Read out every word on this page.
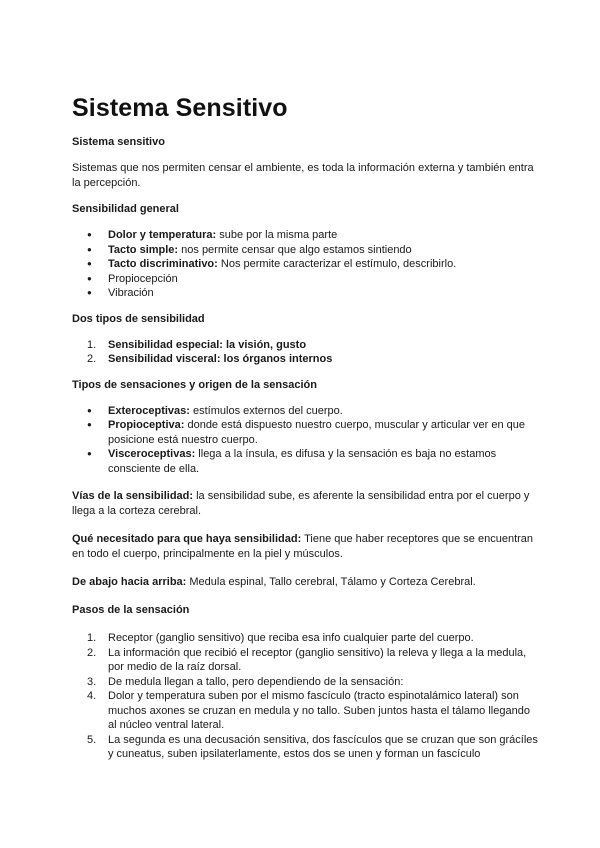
Sistema Sensitivo
Sistema sensitivo

Sistemas que nos permiten censar el ambiente, es toda la información externa y también entra la percepción.

Sensibilidad general
● Dolor y temperatura: sube por la misma parte
● Tacto simple: nos permite censar que algo estamos sintiendo
● Tacto discriminativo: Nos permite caracterizar el estímulo, describirlo.
● Propiocepción
● Vibración
Dos tipos de sensibilidad
1. Sensibilidad especial: la visión, gusto
2. Sensibilidad visceral: los órganos internos
Tipos de sensaciones y origen de la sensación
● Exteroceptivas: estímulos externos del cuerpo.
● Propioceptiva: donde está dispuesto nuestro cuerpo, muscular y articular ver en que posicione está nuestro cuerpo.
● Visceroceptivas: llega a la ínsula, es difusa y la sensación es baja no estamos consciente de ella.

Vías de la sensibilidad: la sensibilidad sube, es aferente la sensibilidad entra por el cuerpo y llega a la corteza cerebral.

Qué necesitado para que haya sensibilidad: Tiene que haber receptores que se encuentran en todo el cuerpo, principalmente en la piel y músculos.

De abajo hacia arriba: Medula espinal, Tallo cerebral, Tálamo y Corteza Cerebral.

Pasos de la sensación
1. Receptor (ganglio sensitivo) que reciba esa info cualquier parte del cuerpo.
2. La información que recibió el receptor (ganglio sensitivo) la releva y llega a la medula, por medio de la raíz dorsal.
3. De medula llegan a tallo, pero dependiendo de la sensación:
4. Dolor y temperatura suben por el mismo fascículo (tracto espinotalámico lateral) son muchos axones se cruzan en medula y no tallo. Suben juntos hasta el tálamo llegando al núcleo ventral lateral.
5. La segunda es una decusación sensitiva, dos fascículos que se cruzan que son grácíles y cuneatus, suben ipsilaterlamente, estos dos se unen y forman un fascículo
